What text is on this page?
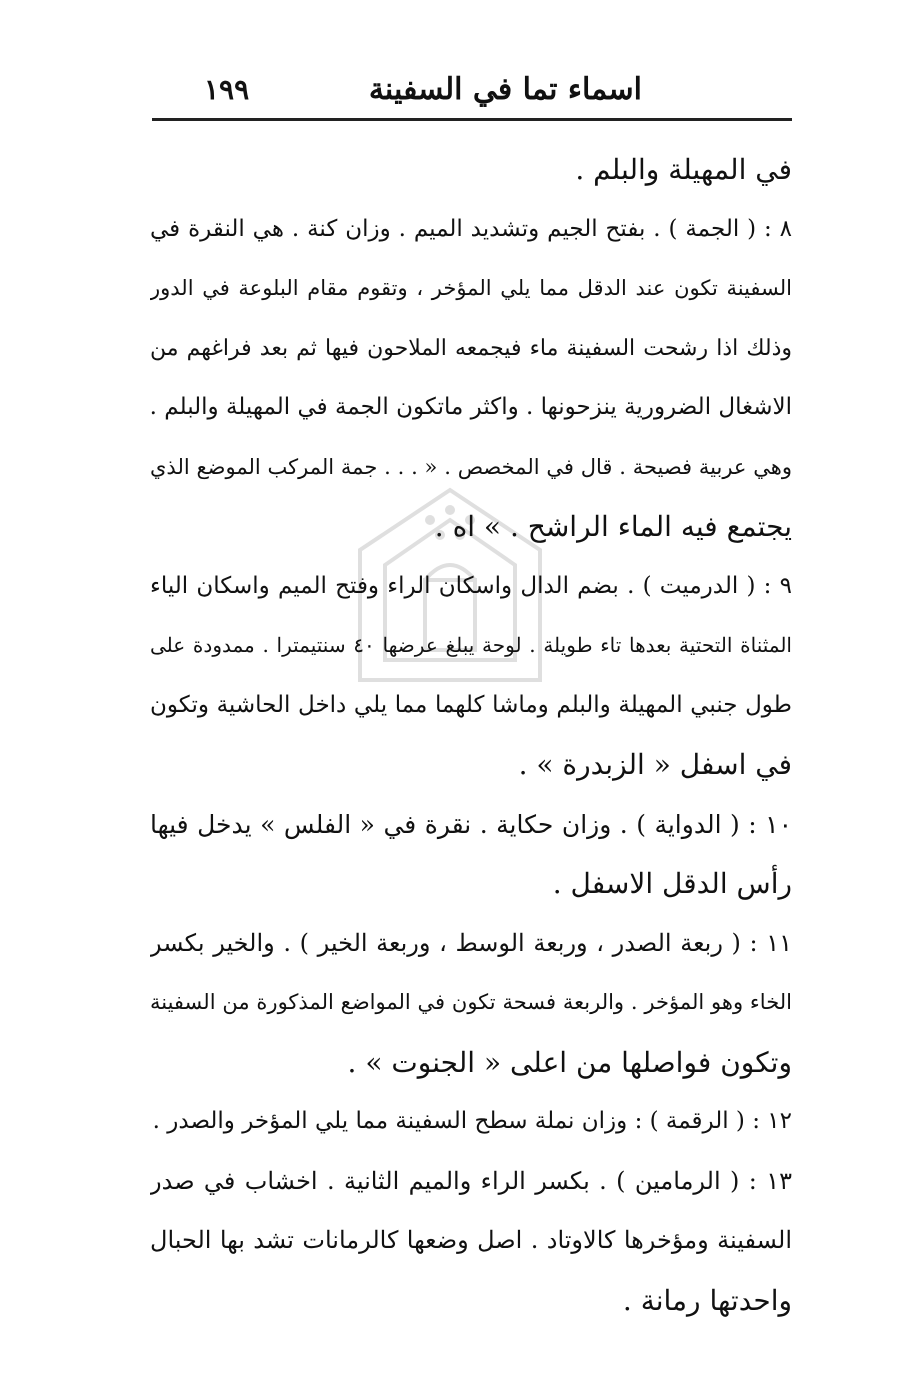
اسماء تما في السفينة
١٩٩
في المهيلة والبلم .
٨ : ( الجمة ) . بفتح الجيم وتشديد الميم . وزان كنة . هي النقرة في
السفينة تكون عند الدقل مما يلي المؤخر ، وتقوم مقام البلوعة في الدور
وذلك اذا رشحت السفينة ماء فيجمعه الملاحون فيها ثم بعد فراغهم من
الاشغال الضرورية ينزحونها . واكثر ماتكون الجمة في المهيلة والبلم .
وهي عربية فصيحة . قال في المخصص . « . . . جمة المركب الموضع الذي
يجتمع فيه الماء الراشح . » اه .
٩ : ( الدرميت ) . بضم الدال واسكان الراء وفتح الميم واسكان الياء
المثناة التحتية بعدها تاء طويلة . لوحة يبلغ عرضها ٤٠ سنتيمترا . ممدودة على
طول جنبي المهيلة والبلم وماشا كلهما مما يلي داخل الحاشية وتكون
في اسفل « الزبدرة » .
١٠ : ( الدواية ) . وزان حكاية . نقرة في « الفلس » يدخل فيها
رأس الدقل الاسفل .
١١ : ( ربعة الصدر ، وربعة الوسط ، وربعة الخير ) . والخير بكسر
الخاء وهو المؤخر . والربعة فسحة تكون في المواضع المذكورة من السفينة
وتكون فواصلها من اعلى « الجنوت » .
١٢ : ( الرقمة ) : وزان نملة سطح السفينة مما يلي المؤخر والصدر .
١٣ : ( الرمامين ) . بكسر الراء والميم الثانية . اخشاب في صدر
السفينة ومؤخرها كالاوتاد . اصل وضعها كالرمانات تشد بها الحبال
واحدتها رمانة .
